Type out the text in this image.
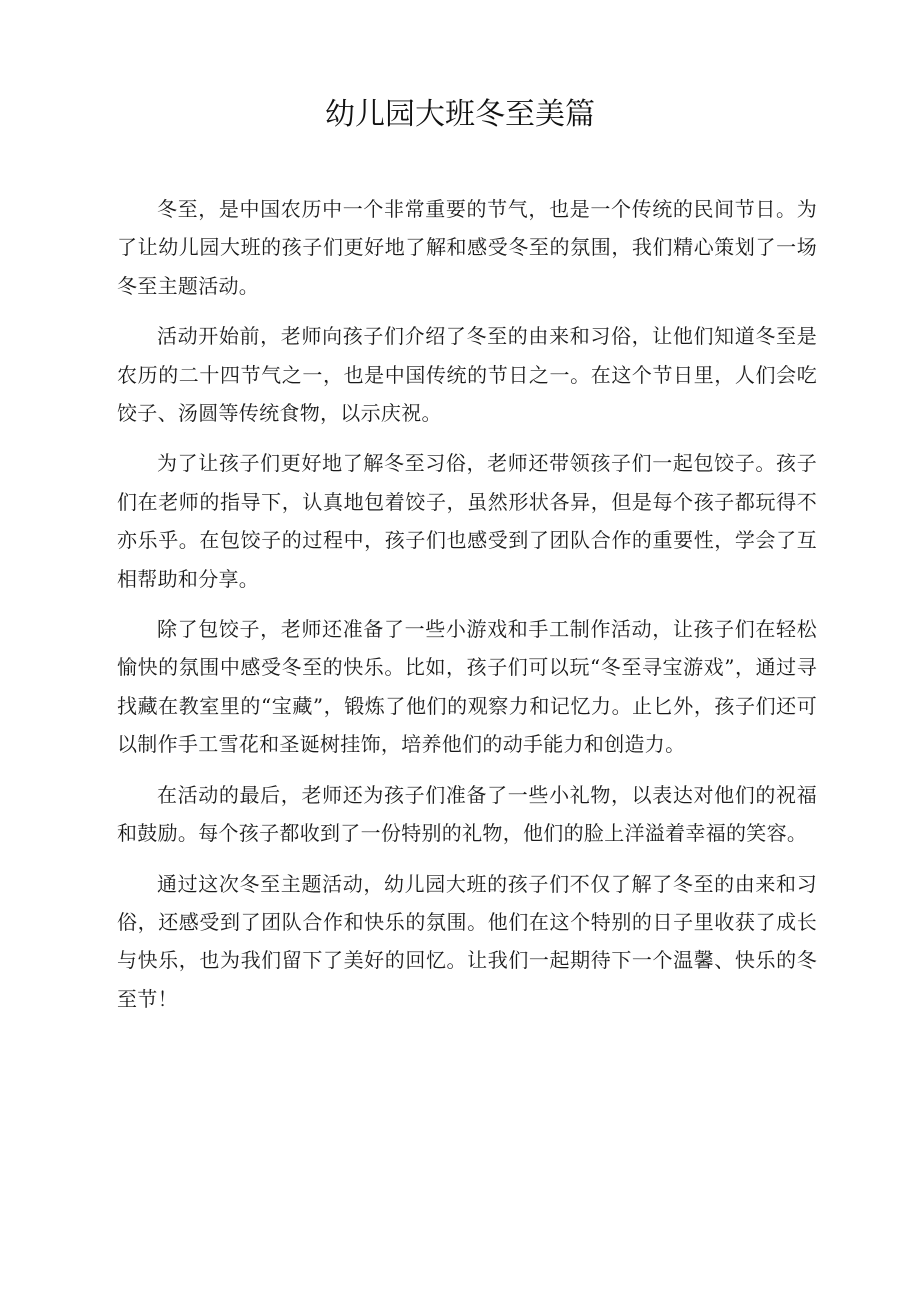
幼儿园大班冬至美篇

冬至，是中国农历中一个非常重要的节气，也是一个传统的民间节日。为了让幼儿园大班的孩子们更好地了解和感受冬至的氛围，我们精心策划了一场冬至主题活动。

活动开始前，老师向孩子们介绍了冬至的由来和习俗，让他们知道冬至是农历的二十四节气之一，也是中国传统的节日之一。在这个节日里，人们会吃饺子、汤圆等传统食物，以示庆祝。

为了让孩子们更好地了解冬至习俗，老师还带领孩子们一起包饺子。孩子们在老师的指导下，认真地包着饺子，虽然形状各异，但是每个孩子都玩得不亦乐乎。在包饺子的过程中，孩子们也感受到了团队合作的重要性，学会了互相帮助和分享。

除了包饺子，老师还准备了一些小游戏和手工制作活动，让孩子们在轻松愉快的氛围中感受冬至的快乐。比如，孩子们可以玩“冬至寻宝游戏”，通过寻找藏在教室里的“宝藏”，锻炼了他们的观察力和记忆力。止匕外，孩子们还可以制作手工雪花和圣诞树挂饰，培养他们的动手能力和创造力。

在活动的最后，老师还为孩子们准备了一些小礼物，以表达对他们的祝福和鼓励。每个孩子都收到了一份特别的礼物，他们的脸上洋溢着幸福的笑容。

通过这次冬至主题活动，幼儿园大班的孩子们不仅了解了冬至的由来和习俗，还感受到了团队合作和快乐的氛围。他们在这个特别的日子里收获了成长与快乐，也为我们留下了美好的回忆。让我们一起期待下一个温馨、快乐的冬至节！
